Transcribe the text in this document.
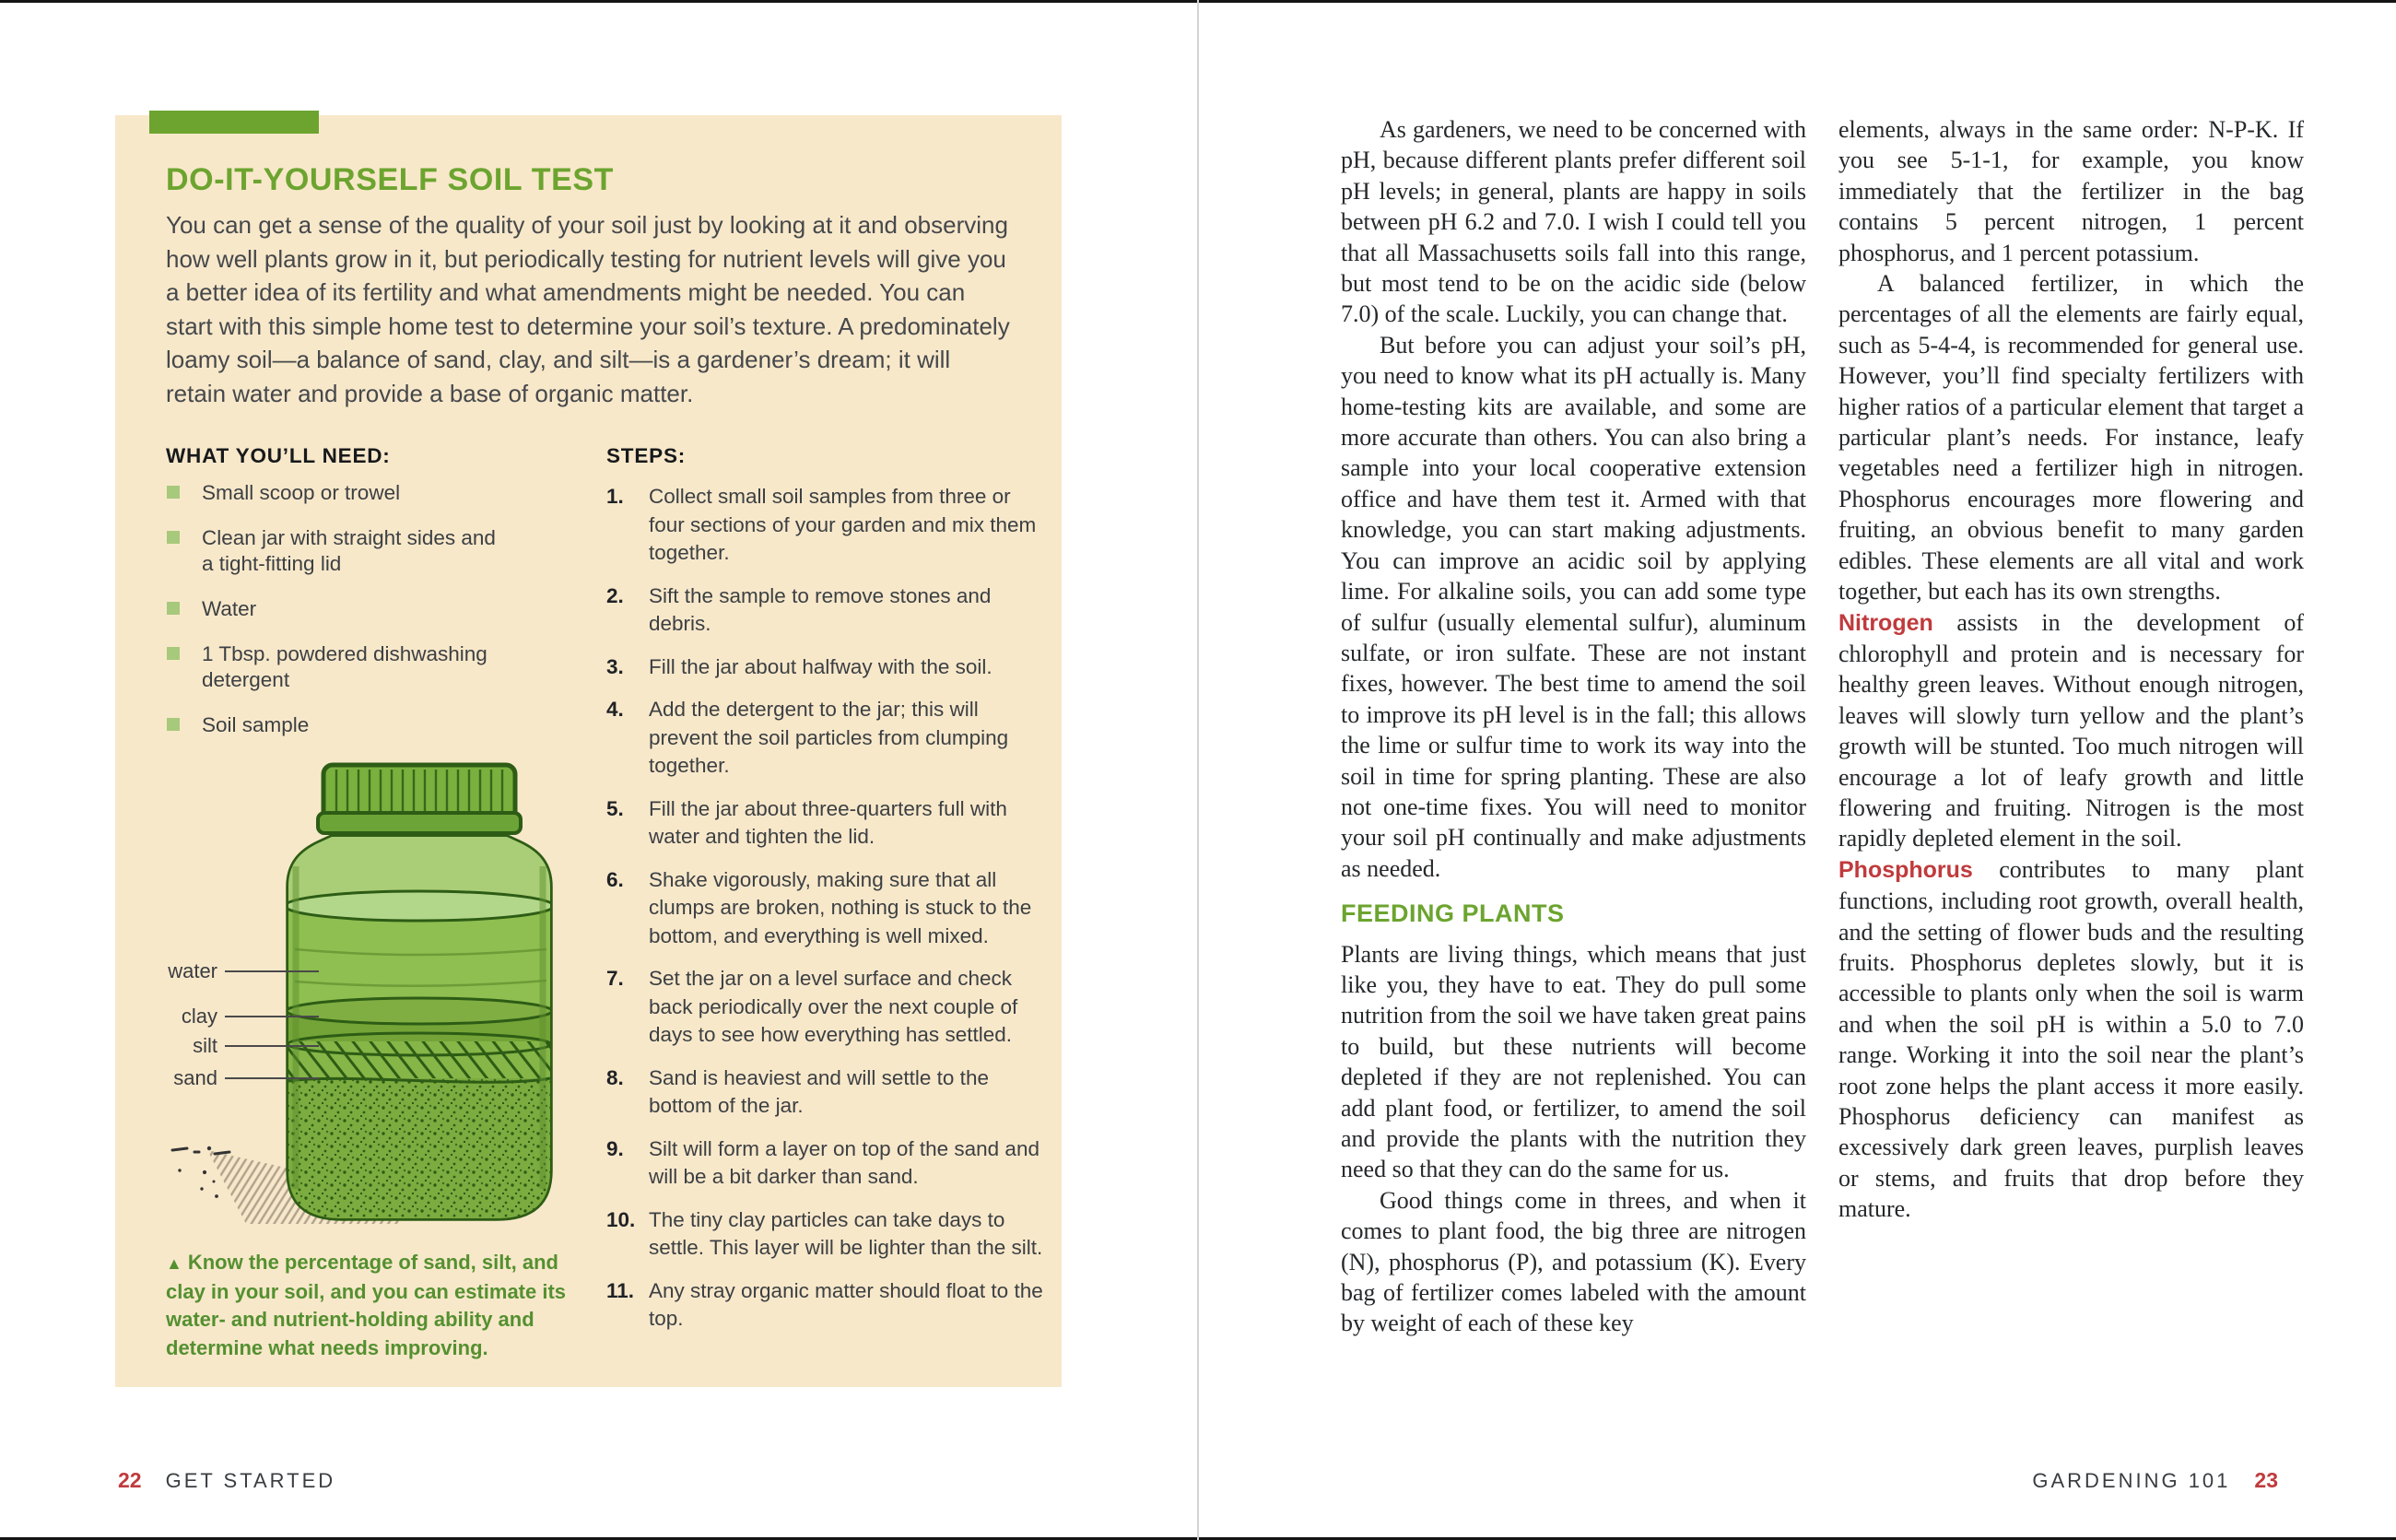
DO-IT-YOURSELF SOIL TEST
You can get a sense of the quality of your soil just by looking at it and observing how well plants grow in it, but periodically testing for nutrient levels will give you a better idea of its fertility and what amendments might be needed. You can start with this simple home test to determine your soil’s texture. A predominately loamy soil—a balance of sand, clay, and silt—is a gardener’s dream; it will retain water and provide a base of organic matter.
WHAT YOU’LL NEED:
Small scoop or trowel
Clean jar with straight sides and a tight-fitting lid
Water
1 Tbsp. powdered dishwashing detergent
Soil sample
STEPS:
Collect small soil samples from three or four sections of your garden and mix them together.
Sift the sample to remove stones and debris.
Fill the jar about halfway with the soil.
Add the detergent to the jar; this will prevent the soil particles from clumping together.
Fill the jar about three-quarters full with water and tighten the lid.
Shake vigorously, making sure that all clumps are broken, nothing is stuck to the bottom, and everything is well mixed.
Set the jar on a level surface and check back periodically over the next couple of days to see how everything has settled.
Sand is heaviest and will settle to the bottom of the jar.
Silt will form a layer on top of the sand and will be a bit darker than sand.
The tiny clay particles can take days to settle. This layer will be lighter than the silt.
Any stray organic matter should float to the top.
water
clay
silt
sand
▲ Know the percentage of sand, silt, and clay in your soil, and you can estimate its water- and nutrient-holding ability and determine what needs improving.
22 GET STARTED

As gardeners, we need to be concerned with pH, because different plants prefer different soil pH levels; in general, plants are happy in soils between pH 6.2 and 7.0. I wish I could tell you that all Massachusetts soils fall into this range, but most tend to be on the acidic side (below 7.0) of the scale. Luckily, you can change that.

But before you can adjust your soil’s pH, you need to know what its pH actually is. Many home-testing kits are available, and some are more accurate than others. You can also bring a sample into your local cooperative extension office and have them test it. Armed with that knowledge, you can start making adjustments. You can improve an acidic soil by applying lime. For alkaline soils, you can add some type of sulfur (usually elemental sulfur), aluminum sulfate, or iron sulfate. These are not instant fixes, however. The best time to amend the soil to improve its pH level is in the fall; this allows the lime or sulfur time to work its way into the soil in time for spring planting. These are also not one-time fixes. You will need to monitor your soil pH continually and make adjustments as needed.

FEEDING PLANTS

Plants are living things, which means that just like you, they have to eat. They do pull some nutrition from the soil we have taken great pains to build, but these nutrients will become depleted if they are not replenished. You can add plant food, or fertilizer, to amend the soil and provide the plants with the nutrition they need so that they can do the same for us.

Good things come in threes, and when it comes to plant food, the big three are nitrogen (N), phosphorus (P), and potassium (K). Every bag of fertilizer comes labeled with the amount by weight of each of these key

elements, always in the same order: N-P-K. If you see 5-1-1, for example, you know immediately that the fertilizer in the bag contains 5 percent nitrogen, 1 percent phosphorus, and 1 percent potassium.

A balanced fertilizer, in which the percentages of all the elements are fairly equal, such as 5-4-4, is recommended for general use. However, you’ll find specialty fertilizers with higher ratios of a particular element that target a particular plant’s needs. For instance, leafy vegetables need a fertilizer high in nitrogen. Phosphorus encourages more flowering and fruiting, an obvious benefit to many garden edibles. These elements are all vital and work together, but each has its own strengths.

Nitrogen assists in the development of chlorophyll and protein and is necessary for healthy green leaves. Without enough nitrogen, leaves will slowly turn yellow and the plant’s growth will be stunted. Too much nitrogen will encourage a lot of leafy growth and little flowering and fruiting. Nitrogen is the most rapidly depleted element in the soil.

Phosphorus contributes to many plant functions, including root growth, overall health, and the setting of flower buds and the resulting fruits. Phosphorus depletes slowly, but it is accessible to plants only when the soil is warm and when the soil pH is within a 5.0 to 7.0 range. Working it into the soil near the plant’s root zone helps the plant access it more easily. Phosphorus deficiency can manifest as excessively dark green leaves, purplish leaves or stems, and fruits that drop before they mature.

GARDENING 101 23
